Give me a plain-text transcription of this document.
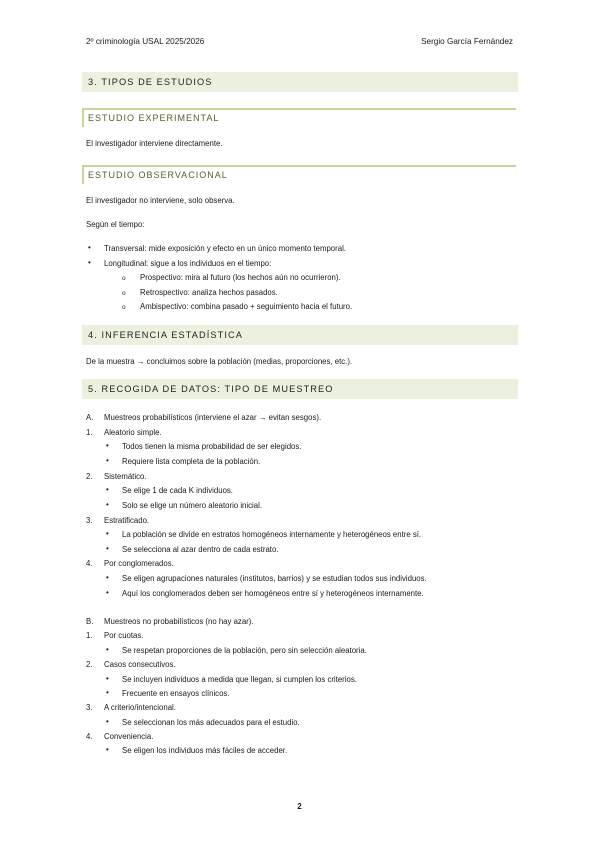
2º criminología USAL 2025/2026	Sergio García Fernández
3. TIPOS DE ESTUDIOS
ESTUDIO EXPERIMENTAL
El investigador interviene directamente.
ESTUDIO OBSERVACIONAL
El investigador no interviene, solo observa.
Según el tiempo:
• Transversal: mide exposición y efecto en un único momento temporal.
• Longitudinal: sigue a los individuos en el tiempo:
o Prospectivo: mira al futuro (los hechos aún no ocurrieron).
o Retrospectivo: analiza hechos pasados.
o Ambispectivo: combina pasado + seguimiento hacia el futuro.
4. INFERENCIA ESTADÍSTICA
De la muestra → concluimos sobre la población (medias, proporciones, etc.).
5. RECOGIDA DE DATOS: TIPO DE MUESTREO
A. Muestreos probabilísticos (interviene el azar → evitan sesgos).
1. Aleatorio simple.
• Todos tienen la misma probabilidad de ser elegidos.
• Requiere lista completa de la población.
2. Sistemático.
• Se elige 1 de cada K individuos.
• Solo se elige un número aleatorio inicial.
3. Estratificado.
• La población se divide en estratos homogéneos internamente y heterogéneos entre sí.
• Se selecciona al azar dentro de cada estrato.
4. Por conglomerados.
• Se eligen agrupaciones naturales (institutos, barrios) y se estudian todos sus individuos.
• Aquí los conglomerados deben ser homogéneos entre sí y heterogéneos internamente.
B. Muestreos no probabilísticos (no hay azar).
1. Por cuotas.
• Se respetan proporciones de la población, pero sin selección aleatoria.
2. Casos consecutivos.
• Se incluyen individuos a medida que llegan, si cumplen los criterios.
• Frecuente en ensayos clínicos.
3. A criterio/intencional.
• Se seleccionan los más adecuados para el estudio.
4. Conveniencia.
• Se eligen los individuos más fáciles de acceder.
2
